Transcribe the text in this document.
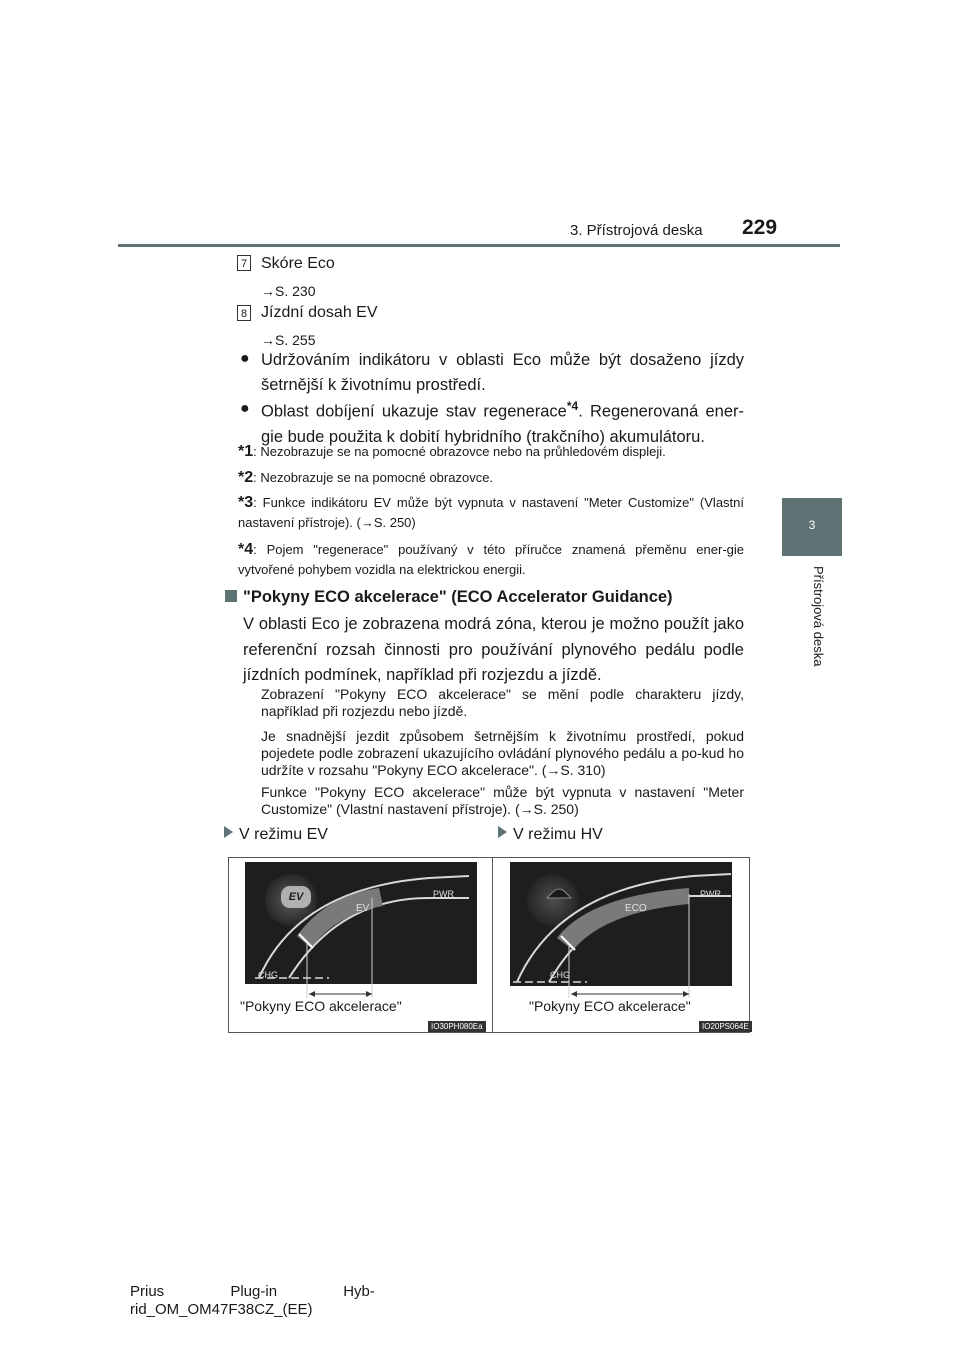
3. Přístrojová deska 229
3
Přístrojová deska
7 Skóre Eco
→S. 230
8 Jízdní dosah EV
→S. 255
● Udržováním indikátoru v oblasti Eco může být dosaženo jízdy šetrnější k životnímu prostředí.
● Oblast dobíjení ukazuje stav regenerace$^{*4}$. Regenerovaná ener-gie bude použita k dobití hybridního (trakčního) akumulátoru.
*1: Nezobrazuje se na pomocné obrazovce nebo na průhledovém displeji.
*2: Nezobrazuje se na pomocné obrazovce.
*3: Funkce indikátoru EV může být vypnuta v nastavení "Meter Customize" (Vlastní nastavení přístroje). (→S. 250)
*4: Pojem "regenerace" používaný v této příručce znamená přeměnu ener-gie vytvořené pohybem vozidla na elektrickou energii.
"Pokyny ECO akcelerace" (ECO Accelerator Guidance)
V oblasti Eco je zobrazena modrá zóna, kterou je možno použít jako referenční rozsah činnosti pro používání plynového pedálu podle jízdních podmínek, například při rozjezdu a jízdě.
Zobrazení "Pokyny ECO akcelerace" se mění podle charakteru jízdy, například při rozjezdu nebo jízdě.
Je snadnější jezdit způsobem šetrnějším k životnímu prostředí, pokud pojedete podle zobrazení ukazujícího ovládání plynového pedálu a po-kud ho udržíte v rozsahu "Pokyny ECO akcelerace". (→S. 310)
Funkce "Pokyny ECO akcelerace" může být vypnuta v nastavení "Meter Customize" (Vlastní nastavení přístroje). (→S. 250)
V režimu EV	V režimu HV
EV
EV
PWR
CHG
"Pokyny ECO akcelerace"
IO30PH080Ea
ECO
PWR
CHG
"Pokyny ECO akcelerace"
IO20PS064E
Prius Plug-in Hyb-
rid_OM_OM47F38CZ_(EE)
